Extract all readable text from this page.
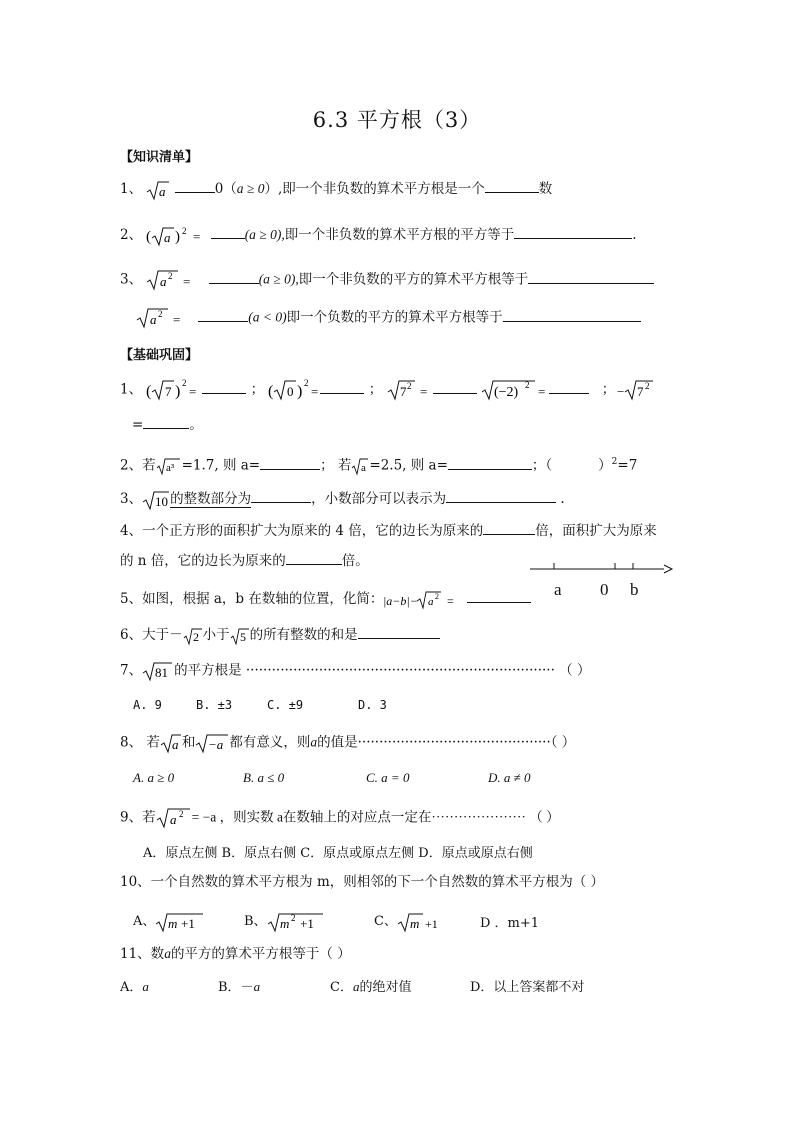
6.3 平方根（3）
【知识清单】
1、 a	0（a ≥ 0）,即一个非负数的算术平方根是一个	数
2、 ( a ) 2 =	(a ≥ 0),即一个非负数的算术平方根的平方等于	.
3、 a 2 =	(a ≥ 0),即一个非负数的平方的算术平方根等于
a 2 =	(a < 0)即一个负数的平方的算术平方根等于
【基础巩固】
1、 ( 7 ) 2
=	； ( 0 ) 2
=	； 7 2 =
	(−2) 2 =	； − 7 2
=	。
2、若 a³ =1.7, 则 a=	； 若 a =2.5, 则 a=	；（	）$^2$=7
3、 10 的整数部分为	，小数部分可以表示为	.
4、一个正方形的面积扩大为原来的 4 倍，它的边长为原来的	倍，面积扩大为原来
的 n 倍，它的边长为原来的	倍。
a 0 b
5、如图，根据 a，b 在数轴的位置，化简： |a−b|− a 2 =
6、大于－ 2 小于 5 的所有整数的和是
7、 81 的平方根是 ········································································ （ ）
A. 9	B. ±3	C. ±9	D. 3
8、 若 a 和 −a 都有意义，则a的值是·············································（ ）
A. a ≥ 0	B. a ≤ 0	C. a = 0	D. a ≠ 0
9、若 a 2 = −a ，则实数 a在数轴上的对应点一定在····················· （ ）
A．原点左侧 B．原点右侧 C．原点或原点左侧 D．原点或原点右侧
10、一个自然数的算术平方根为 m，则相邻的下一个自然数的算术平方根为（ ）
A、 m +1	B、 m 2 +1	C、 m +1	D ．m+1
11、数a的平方的算术平方根等于（ ）
A．a	B．－a	C．a的绝对值	D．以上答案都不对
